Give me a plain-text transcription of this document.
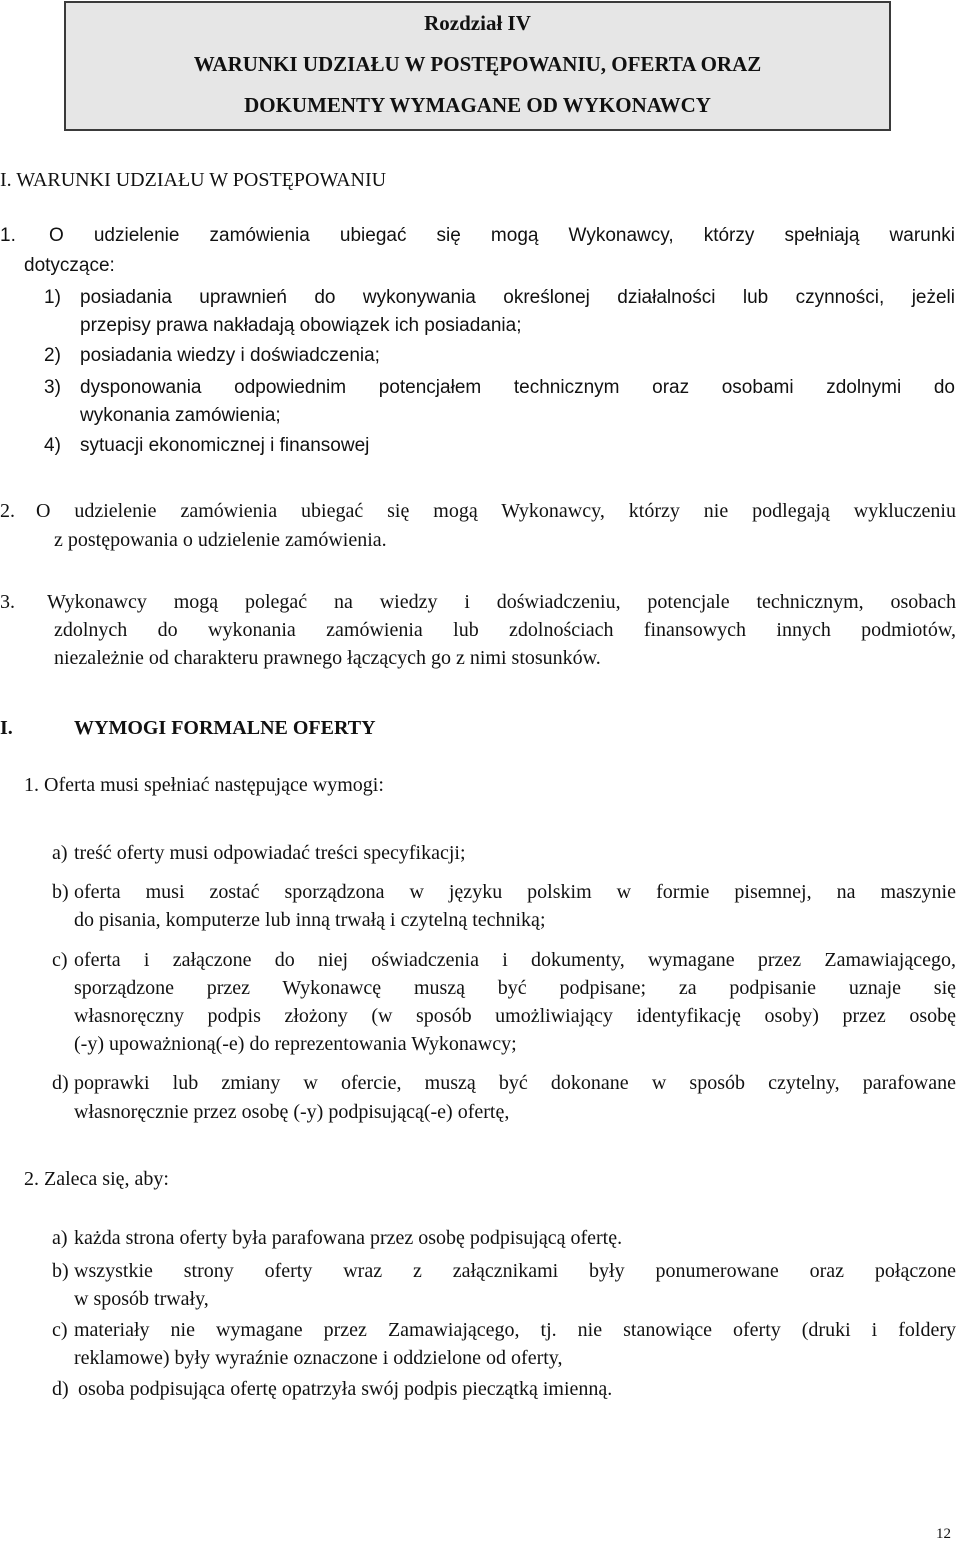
Rozdział IV
WARUNKI UDZIAŁU W POSTĘPOWANIU, OFERTA ORAZ
DOKUMENTY WYMAGANE OD WYKONAWCY
I. WARUNKI UDZIAŁU W POSTĘPOWANIU
1. O udzielenie zamówienia ubiegać się mogą Wykonawcy, którzy spełniają warunki
dotyczące:
1) posiadania uprawnień do wykonywania określonej działalności lub czynności, jeżeli
przepisy prawa nakładają obowiązek ich posiadania;
2) posiadania wiedzy i doświadczenia;
3) dysponowania odpowiednim potencjałem technicznym oraz osobami zdolnymi do
wykonania zamówienia;
4) sytuacji ekonomicznej i finansowej
2. O udzielenie zamówienia ubiegać się mogą Wykonawcy, którzy nie podlegają wykluczeniu
z postępowania o udzielenie zamówienia.
3. Wykonawcy mogą polegać na wiedzy i doświadczeniu, potencjale technicznym, osobach
zdolnych do wykonania zamówienia lub zdolnościach finansowych innych podmiotów,
niezależnie od charakteru prawnego łączących go z nimi stosunków.
I.	WYMOGI FORMALNE OFERTY
1. Oferta musi spełniać następujące wymogi:
a) treść oferty musi odpowiadać treści specyfikacji;
b) oferta musi zostać sporządzona w języku polskim w formie pisemnej, na maszynie
do pisania, komputerze lub inną trwałą i czytelną techniką;
c) oferta i załączone do niej oświadczenia i dokumenty, wymagane przez Zamawiającego,
sporządzone przez Wykonawcę muszą być podpisane; za podpisanie uznaje się
własnoręczny podpis złożony (w sposób umożliwiający identyfikację osoby) przez osobę
(-y) upoważnioną(-e) do reprezentowania Wykonawcy;
d) poprawki lub zmiany w ofercie, muszą być dokonane w sposób czytelny, parafowane
własnoręcznie przez osobę (-y) podpisującą(-e) ofertę,
2. Zaleca się, aby:
a) każda strona oferty była parafowana przez osobę podpisującą ofertę.
b) wszystkie strony oferty wraz z załącznikami były ponumerowane oraz połączone
w sposób trwały,
c) materiały nie wymagane przez Zamawiającego, tj. nie stanowiące oferty (druki i foldery
reklamowe) były wyraźnie oznaczone i oddzielone od oferty,
d) osoba podpisująca ofertę opatrzyła swój podpis pieczątką imienną.
12
